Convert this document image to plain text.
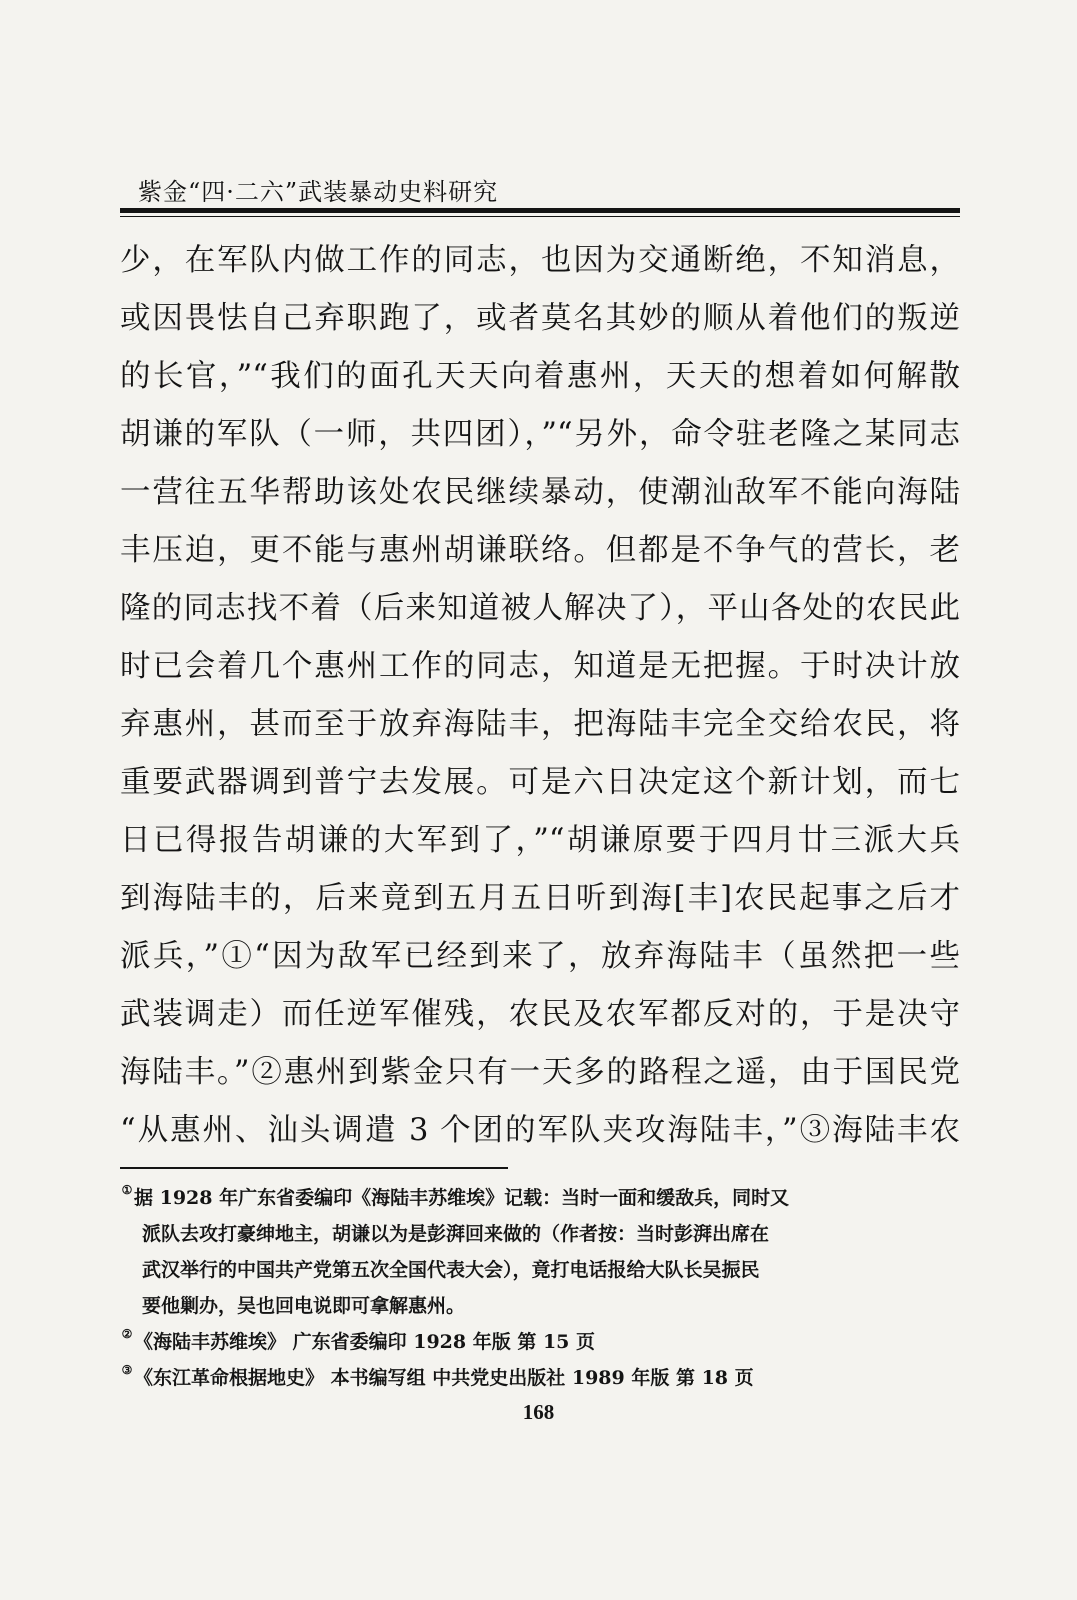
紫金“四·二六”武装暴动史料研究
少，在军队内做工作的同志，也因为交通断绝，不知消息，
或因畏怯自己弃职跑了，或者莫名其妙的顺从着他们的叛逆
的长官，”“我们的面孔天天向着惠州，天天的想着如何解散
胡谦的军队（一师，共四团），”“另外，命令驻老隆之某同志
一营往五华帮助该处农民继续暴动，使潮汕敌军不能向海陆
丰压迫，更不能与惠州胡谦联络。但都是不争气的营长，老
隆的同志找不着（后来知道被人解决了），平山各处的农民此
时已会着几个惠州工作的同志，知道是无把握。于时决计放
弃惠州，甚而至于放弃海陆丰，把海陆丰完全交给农民，将
重要武器调到普宁去发展。可是六日决定这个新计划，而七
日已得报告胡谦的大军到了，”“胡谦原要于四月廿三派大兵
到海陆丰的，后来竟到五月五日听到海[丰]农民起事之后才
派兵，”①“因为敌军已经到来了，放弃海陆丰（虽然把一些
武装调走）而任逆军催残，农民及农军都反对的，于是决守
海陆丰。”②惠州到紫金只有一天多的路程之遥，由于国民党
“从惠州、汕头调遣 3 个团的军队夹攻海陆丰，”③海陆丰农
①据 1928 年广东省委编印《海陆丰苏维埃》记载：当时一面和缓敌兵，同时又
派队去攻打豪绅地主，胡谦以为是彭湃回来做的（作者按：当时彭湃出席在
武汉举行的中国共产党第五次全国代表大会），竟打电话报给大队长吴振民
要他剿办，吴也回电说即可拿解惠州。
②《海陆丰苏维埃》 广东省委编印 1928 年版 第 15 页
③《东江革命根据地史》 本书编写组 中共党史出版社 1989 年版 第 18 页
168
